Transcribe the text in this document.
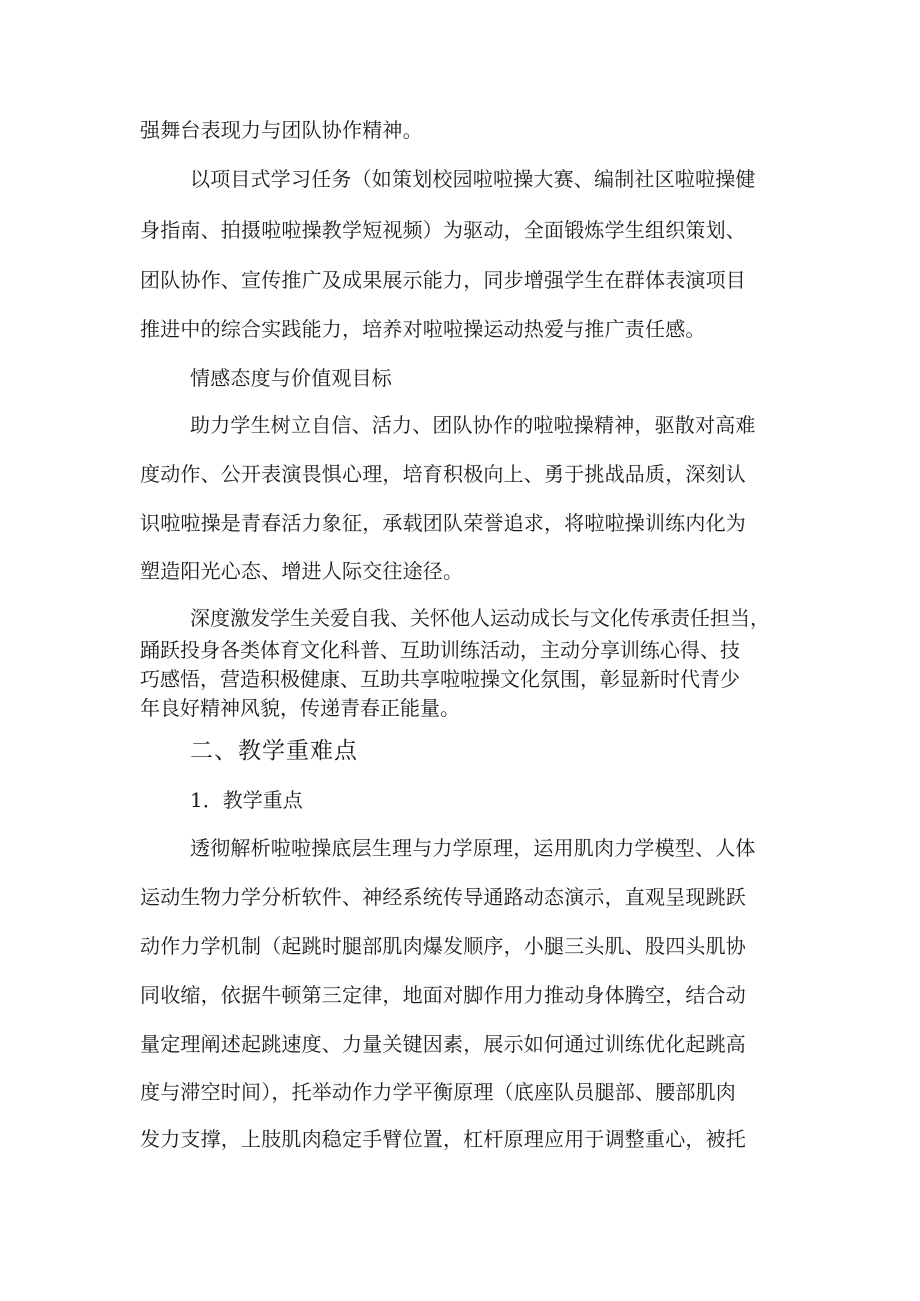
强舞台表现力与团队协作精神。
以项目式学习任务（如策划校园啦啦操大赛、编制社区啦啦操健
身指南、拍摄啦啦操教学短视频）为驱动，全面锻炼学生组织策划、
团队协作、宣传推广及成果展示能力，同步增强学生在群体表演项目
推进中的综合实践能力，培养对啦啦操运动热爱与推广责任感。
情感态度与价值观目标
助力学生树立自信、活力、团队协作的啦啦操精神，驱散对高难
度动作、公开表演畏惧心理，培育积极向上、勇于挑战品质，深刻认
识啦啦操是青春活力象征，承载团队荣誉追求，将啦啦操训练内化为
塑造阳光心态、增进人际交往途径。
深度激发学生关爱自我、关怀他人运动成长与文化传承责任担当，
踊跃投身各类体育文化科普、互助训练活动，主动分享训练心得、技
巧感悟，营造积极健康、互助共享啦啦操文化氛围，彰显新时代青少
年良好精神风貌，传递青春正能量。
二、教学重难点
1．教学重点
透彻解析啦啦操底层生理与力学原理，运用肌肉力学模型、人体
运动生物力学分析软件、神经系统传导通路动态演示，直观呈现跳跃
动作力学机制（起跳时腿部肌肉爆发顺序，小腿三头肌、股四头肌协
同收缩，依据牛顿第三定律，地面对脚作用力推动身体腾空，结合动
量定理阐述起跳速度、力量关键因素，展示如何通过训练优化起跳高
度与滞空时间），托举动作力学平衡原理（底座队员腿部、腰部肌肉
发力支撑，上肢肌肉稳定手臂位置，杠杆原理应用于调整重心，被托
